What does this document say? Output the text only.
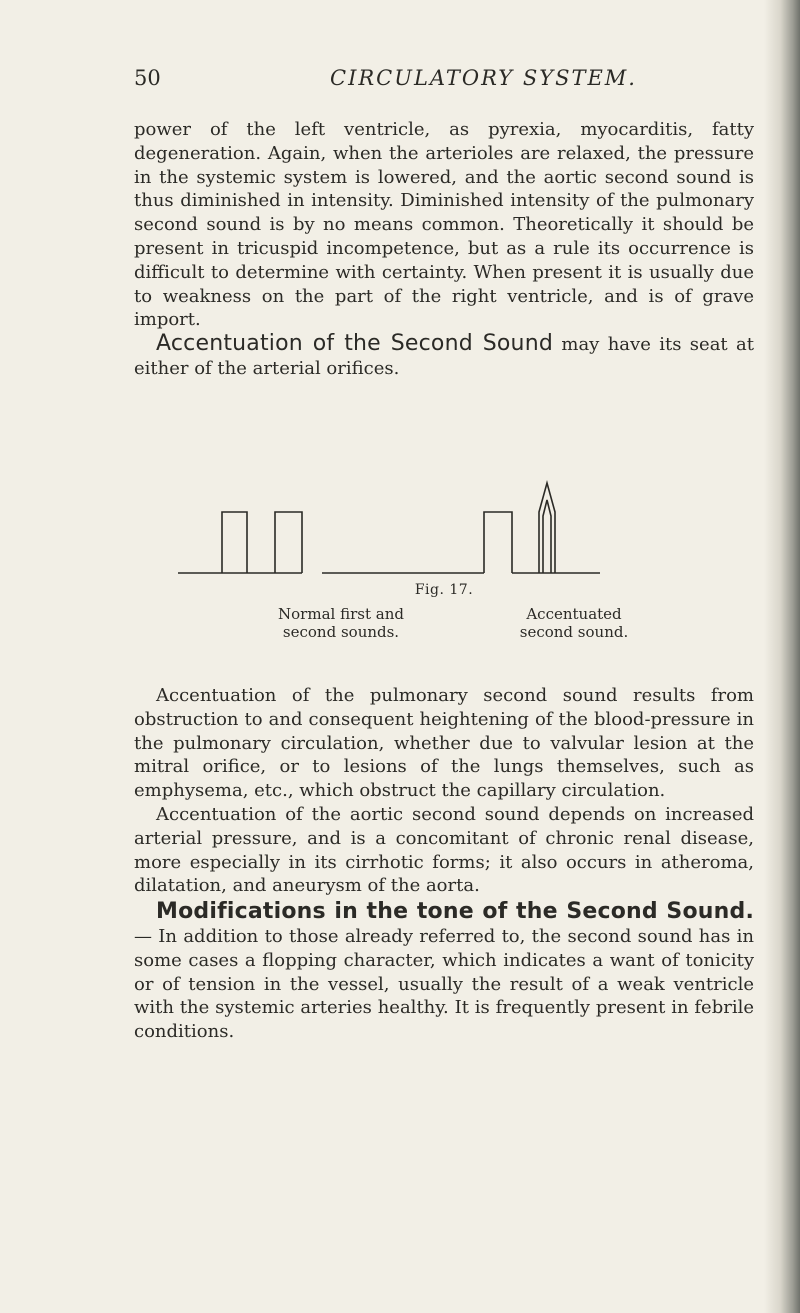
50	CIRCULATORY SYSTEM.

power of the left ventricle, as pyrexia, myocarditis, fatty degeneration. Again, when the arterioles are relaxed, the pressure in the systemic system is lowered, and the aortic second sound is thus diminished in intensity. Diminished intensity of the pulmonary second sound is by no means common. Theoretically it should be present in tricuspid incompetence, but as a rule its occurrence is difficult to determine with certainty. When present it is usually due to weakness on the part of the right ventricle, and is of grave import.

Accentuation of the Second Sound may have its seat at either of the arterial orifices.

Fig. 17.
Normal first and
second sounds.
Accentuated
second sound.

Accentuation of the pulmonary second sound results from obstruction to and consequent heightening of the blood-pressure in the pulmonary circulation, whether due to valvular lesion at the mitral orifice, or to lesions of the lungs themselves, such as emphysema, etc., which obstruct the capillary circulation.

Accentuation of the aortic second sound depends on increased arterial pressure, and is a concomitant of chronic renal disease, more especially in its cirrhotic forms; it also occurs in atheroma, dilatation, and aneurysm of the aorta.

Modifications in the tone of the Second Sound.— In addition to those already referred to, the second sound has in some cases a flopping character, which indicates a want of tonicity or of tension in the vessel, usually the result of a weak ventricle with the systemic arteries healthy. It is frequently present in febrile conditions.
